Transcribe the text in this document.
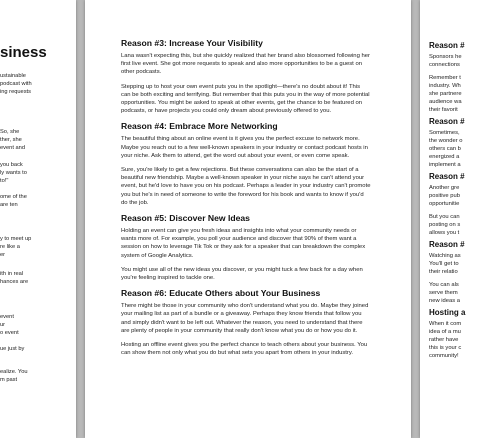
siness
ustainable
podcast with
ing requests
So, she
ther, she
event and
you back
ly wants to
to!"
ome of the
are ten
y to meet up
re like a
er
ith in real
hances are
event
ur
o event
ue just by
ealize. You
m past
Reason #3: Increase Your Visibility

Lana wasn't expecting this, but she quickly realized that her brand also blossomed following her first live event. She got more requests to speak and also more opportunities to be a guest on other podcasts.

Stepping up to host your own event puts you in the spotlight—there's no doubt about it! This can be both exciting and terrifying. But remember that this puts you in the way of more potential opportunities. You might be asked to speak at other events, get the chance to be featured on podcasts, or have projects you could only dream about previously offered to you.

Reason #4: Embrace More Networking

The beautiful thing about an online event is it gives you the perfect excuse to network more. Maybe you reach out to a few well-known speakers in your industry or contact podcast hosts in your niche. Ask them to attend, get the word out about your event, or even come speak.

Sure, you're likely to get a few rejections. But these conversations can also be the start of a beautiful new friendship. Maybe a well-known speaker in your niche says he can't attend your event, but he'd love to have you on his podcast. Perhaps a leader in your industry can't promote you but he's in need of someone to write the foreword for his book and wants to know if you'd do the job.

Reason #5: Discover New Ideas

Holding an event can give you fresh ideas and insights into what your community needs or wants more of. For example, you poll your audience and discover that 90% of them want a session on how to leverage Tik Tok or they ask for a speaker that can breakdown the complex system of Google Analytics.

You might use all of the new ideas you discover, or you might tuck a few back for a day when you're feeling inspired to tackle one.

Reason #6: Educate Others about Your Business

There might be those in your community who don't understand what you do. Maybe they joined your mailing list as part of a bundle or a giveaway. Perhaps they know friends that follow you and simply didn't want to be left out. Whatever the reason, you need to understand that there are plenty of people in your community that really don't know what you do or how you do it.

Hosting an offline event gives you the perfect chance to teach others about your business. You can show them not only what you do but what sets you apart from others in your industry.

Reason #
Sponsors he
connections
Remember t
industry. Wh
she partnere
audience wa
their favorit
Reason #
Sometimes,
the wonder o
others can b
energized a
implement a
Reason #
Another gre
positive pub
opportunitie
But you can
posting on s
allows you t
Reason #
Watching as
You'll get to
their relatio
You can als
serve them
new ideas a
Hosting a
When it com
idea of a mu
rather have
this is your c
community!
